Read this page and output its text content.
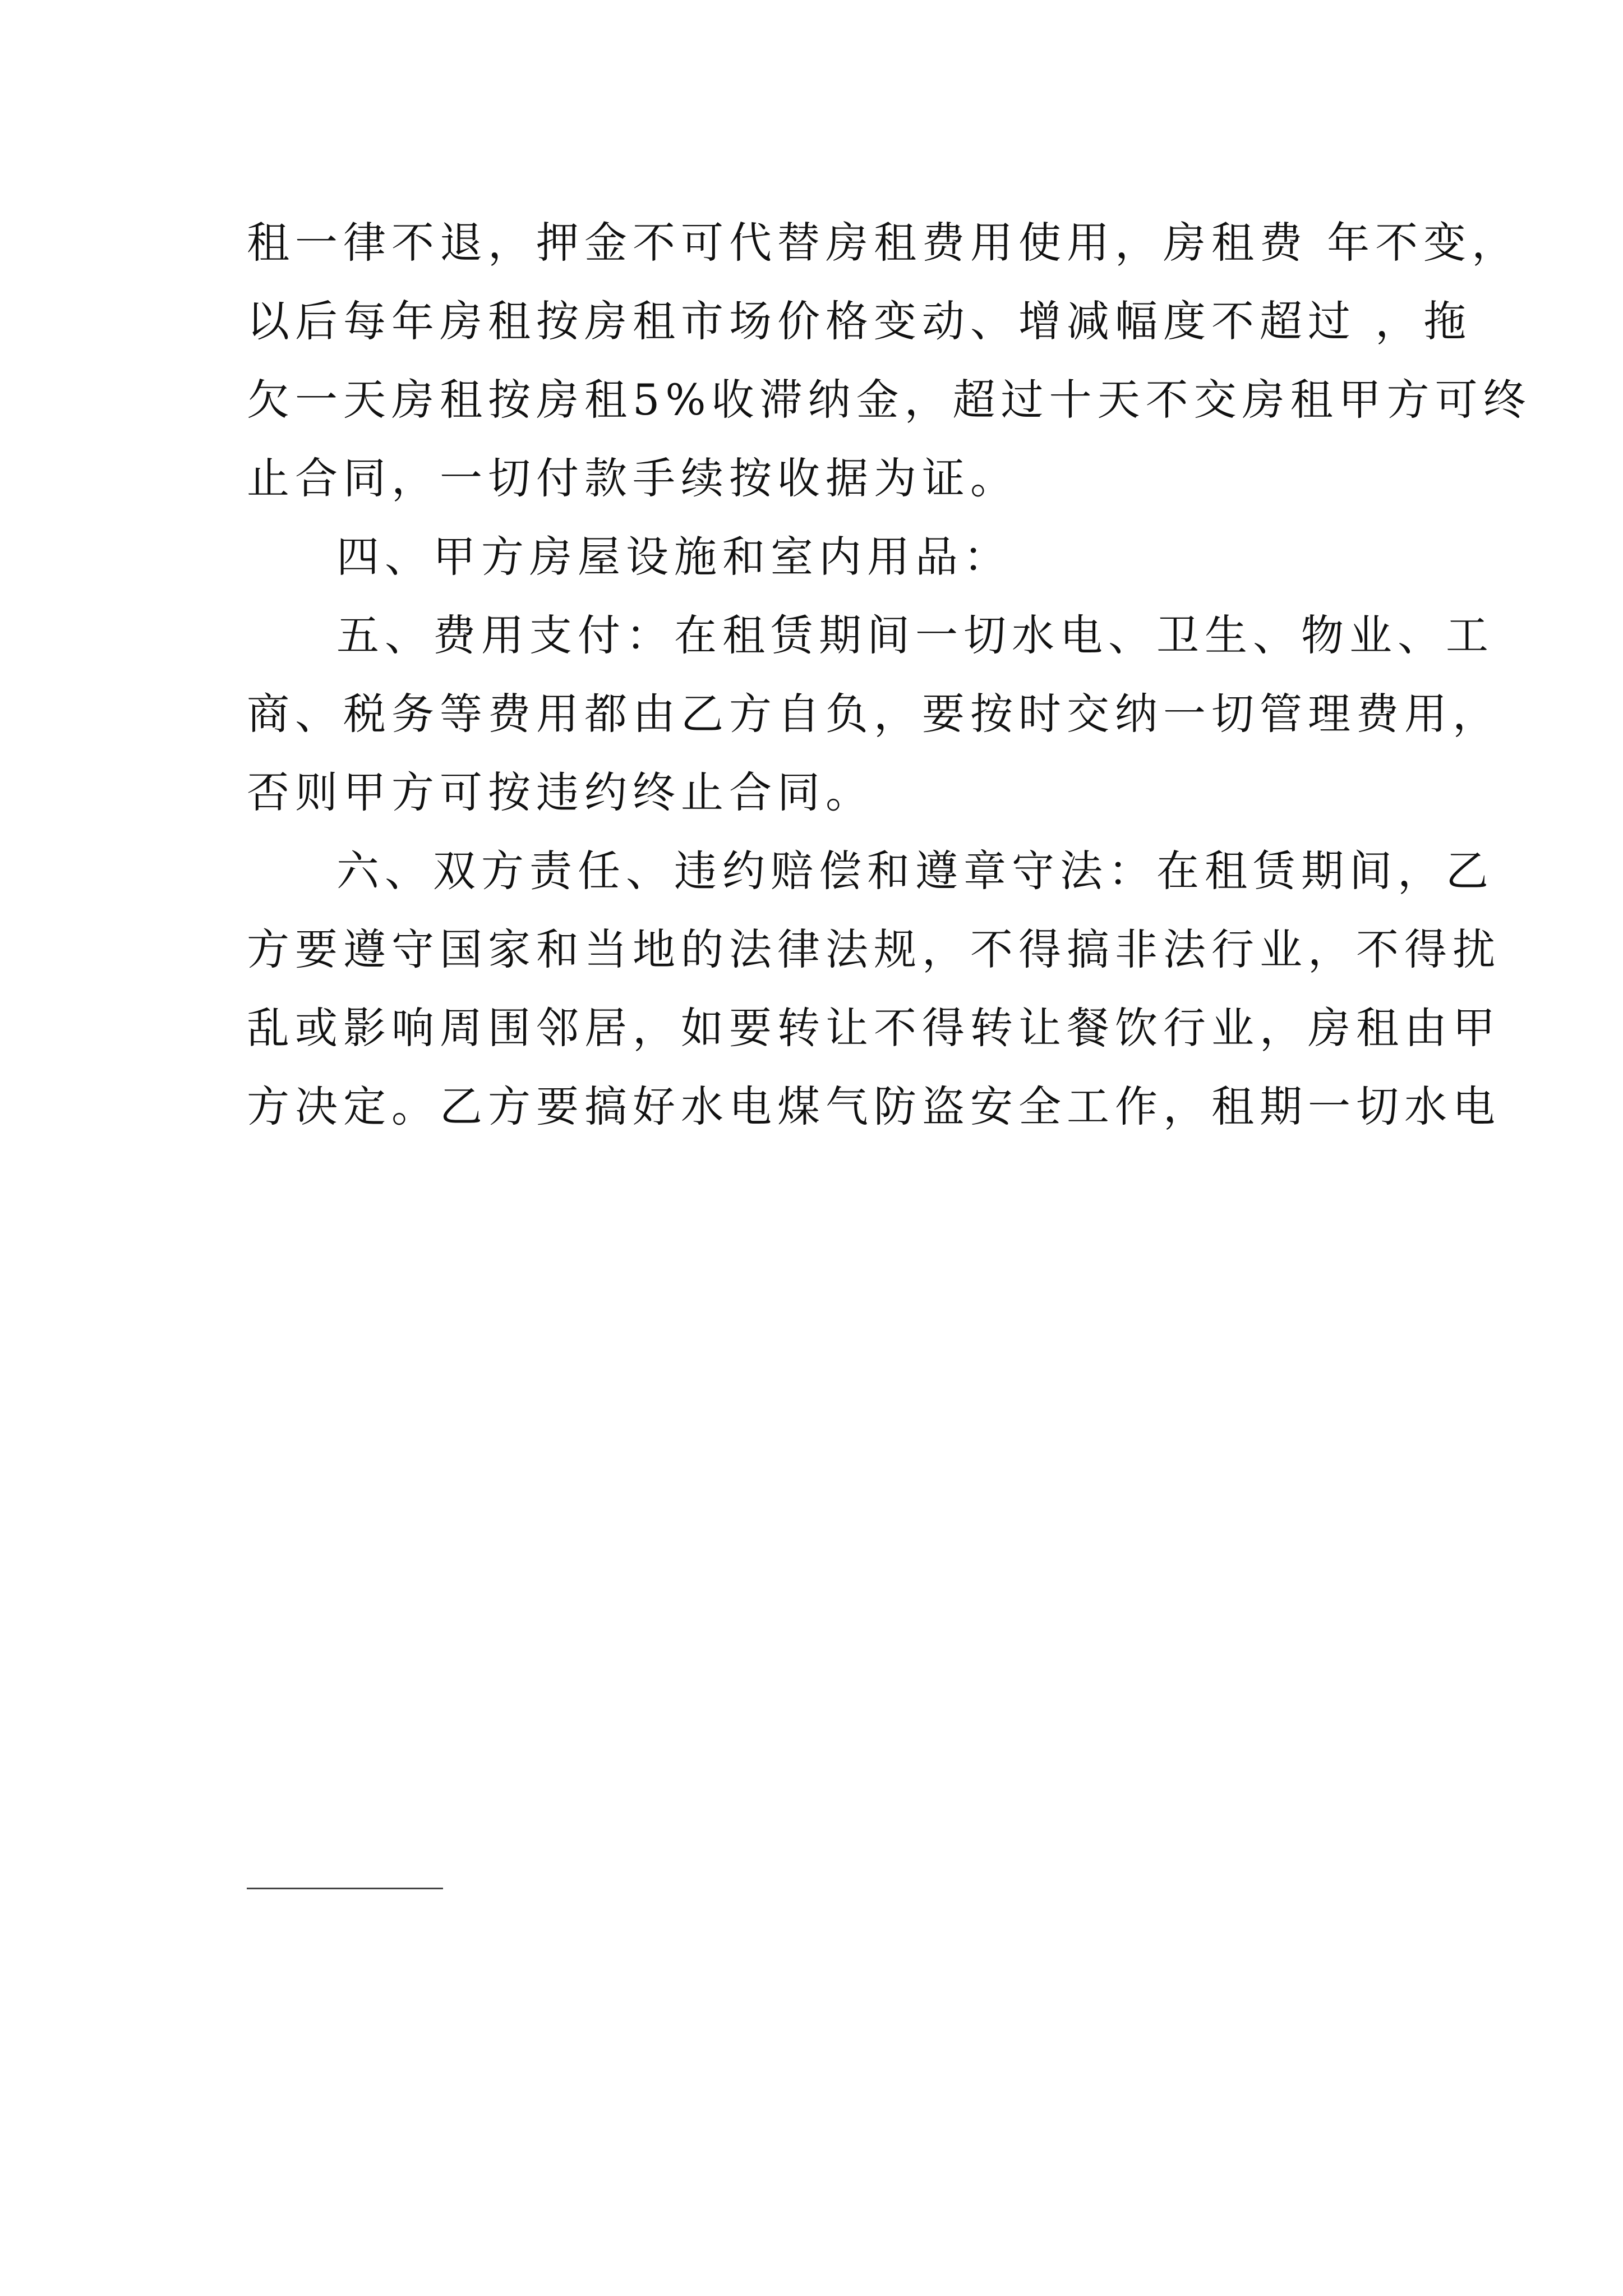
租一律不退，押金不可代替房租费用使用，房租费 年不变，
以后每年房租按房租市场价格变动、增减幅度不超过 ，拖
欠一天房租按房租5%收滞纳金，超过十天不交房租甲方可终
止合同，一切付款手续按收据为证。
四、甲方房屋设施和室内用品：
五、费用支付：在租赁期间一切水电、卫生、物业、工
商、税务等费用都由乙方自负，要按时交纳一切管理费用，
否则甲方可按违约终止合同。
六、双方责任、违约赔偿和遵章守法：在租赁期间，乙
方要遵守国家和当地的法律法规，不得搞非法行业，不得扰
乱或影响周围邻居，如要转让不得转让餐饮行业，房租由甲
方决定。乙方要搞好水电煤气防盗安全工作，租期一切水电
